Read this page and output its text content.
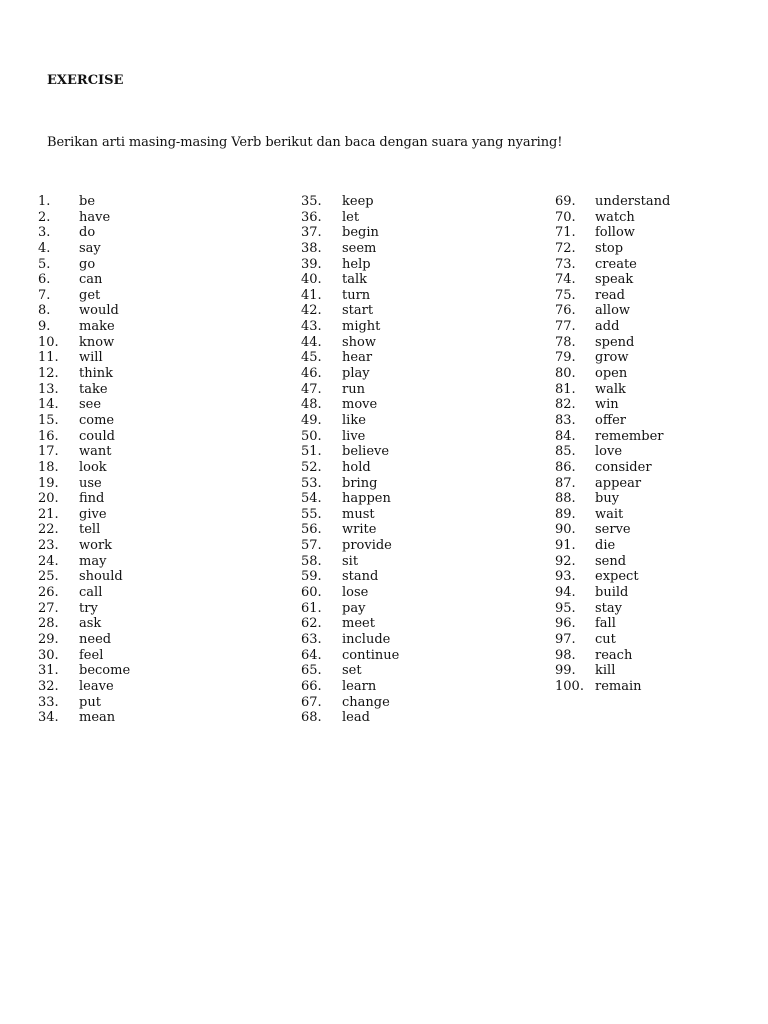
EXERCISE

Berikan arti masing-masing Verb berikut dan baca dengan suara yang nyaring!

1. be
2. have
3. do
4. say
5. go
6. can
7. get
8. would
9. make
10. know
11. will
12. think
13. take
14. see
15. come
16. could
17. want
18. look
19. use
20. find
21. give
22. tell
23. work
24. may
25. should
26. call
27. try
28. ask
29. need
30. feel
31. become
32. leave
33. put
34. mean
35. keep
36. let
37. begin
38. seem
39. help
40. talk
41. turn
42. start
43. might
44. show
45. hear
46. play
47. run
48. move
49. like
50. live
51. believe
52. hold
53. bring
54. happen
55. must
56. write
57. provide
58. sit
59. stand
60. lose
61. pay
62. meet
63. include
64. continue
65. set
66. learn
67. change
68. lead
69. understand
70. watch
71. follow
72. stop
73. create
74. speak
75. read
76. allow
77. add
78. spend
79. grow
80. open
81. walk
82. win
83. offer
84. remember
85. love
86. consider
87. appear
88. buy
89. wait
90. serve
91. die
92. send
93. expect
94. build
95. stay
96. fall
97. cut
98. reach
99. kill
100. remain
